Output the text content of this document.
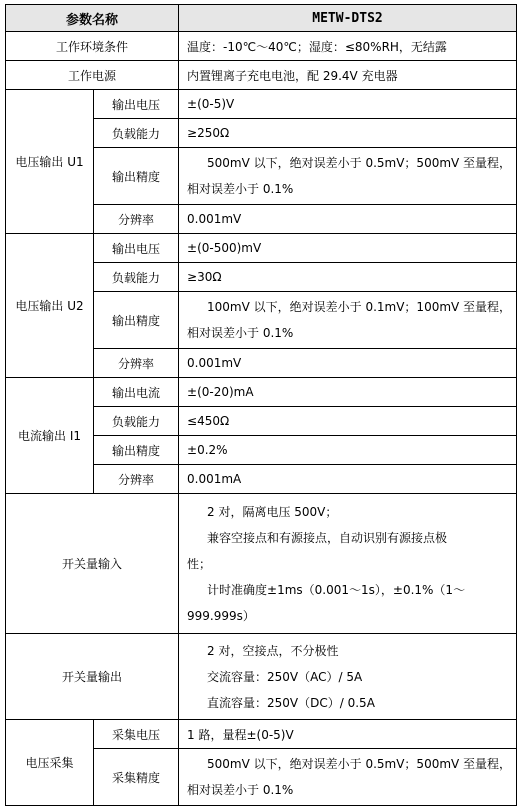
参数名称		METW-DTS2
工作环境条件		温度：-10℃～40℃；湿度：≤80%RH，无结露
工作电源		内置锂离子充电电池，配 29.4V 充电器
电压输出 U1	输出电压	±(0-5)V
	负载能力	≥250Ω
	输出精度	500mV 以下，绝对误差小于 0.5mV；500mV 至量程，
相对误差小于 0.1%

	分辨率	0.001mV
电压输出 U2	输出电压	±(0-500)mV
	负载能力	≥30Ω
	输出精度	100mV 以下，绝对误差小于 0.1mV；100mV 至量程，
相对误差小于 0.1%

	分辨率	0.001mV
电流输出 I1	输出电流	±(0-20)mA
	负载能力	≤450Ω
	输出精度	±0.2%
	分辨率	0.001mA
开关量输入		2 对，隔离电压 500V；
兼容空接点和有源接点，自动识别有源接点极
性；
计时准确度±1ms（0.001～1s），±0.1%（1～
999.999s）

开关量输出		2 对，空接点，不分极性
交流容量：250V（AC）/ 5A
直流容量：250V（DC）/ 0.5A

电压采集	采集电压	1 路，量程±(0-5)V
	采集精度	500mV 以下，绝对误差小于 0.5mV；500mV 至量程，
相对误差小于 0.1%
